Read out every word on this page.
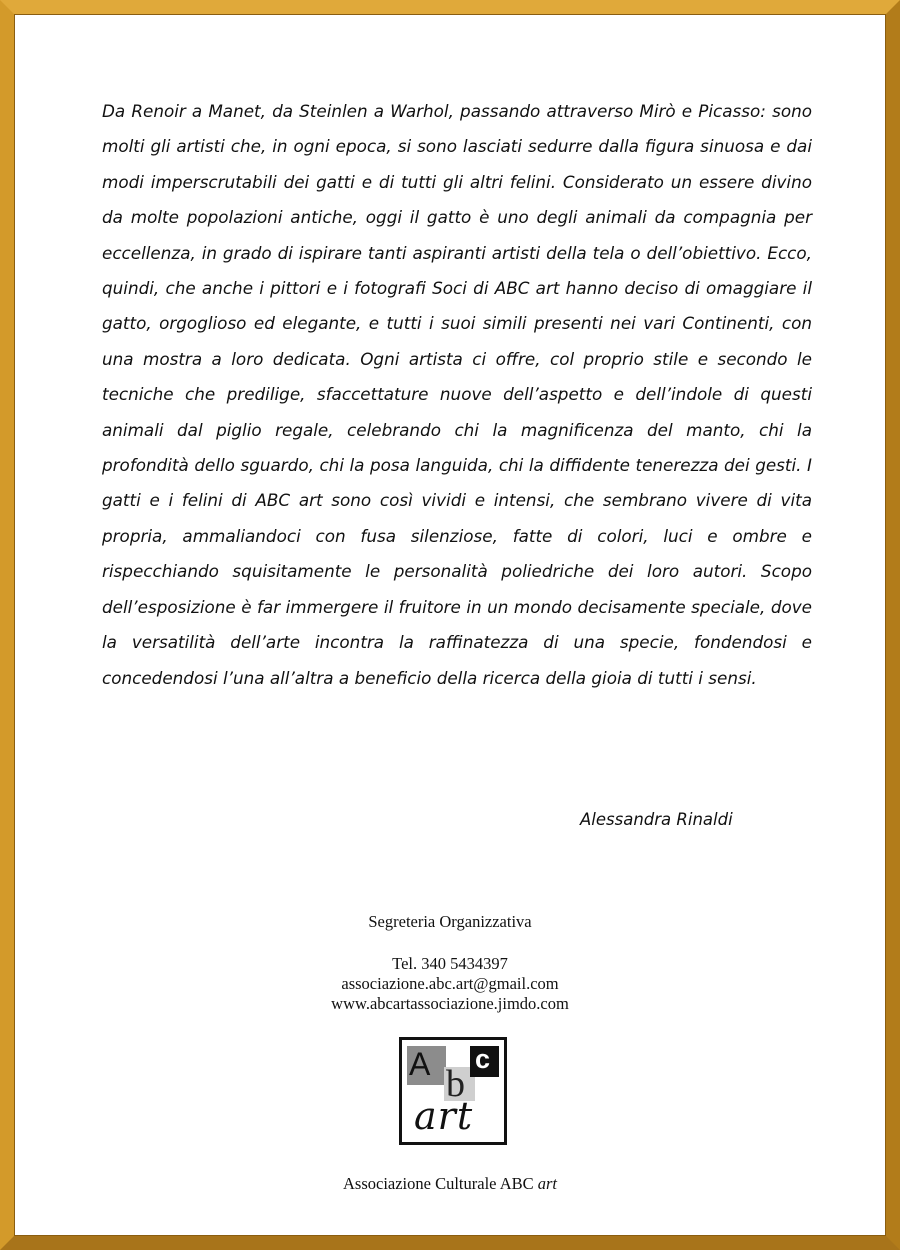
Da Renoir a Manet, da Steinlen a Warhol, passando attraverso Mirò e Picasso: sono molti gli artisti che, in ogni epoca, si sono lasciati sedurre dalla figura sinuosa e dai modi imperscrutabili dei gatti e di tutti gli altri felini. Considerato un essere divino da molte popolazioni antiche, oggi il gatto è uno degli animali da compagnia per eccellenza, in grado di ispirare tanti aspiranti artisti della tela o dell’obiettivo. Ecco, quindi, che anche i pittori e i fotografi Soci di ABC art hanno deciso di omaggiare il gatto, orgoglioso ed elegante, e tutti i suoi simili presenti nei vari Continenti, con una mostra a loro dedicata. Ogni artista ci offre, col proprio stile e secondo le tecniche che predilige, sfaccettature nuove dell’aspetto e dell’indole di questi animali dal piglio regale, celebrando chi la magnificenza del manto, chi la profondità dello sguardo, chi la posa languida, chi la diffidente tenerezza dei gesti. I gatti e i felini di ABC art sono così vividi e intensi, che sembrano vivere di vita propria, ammaliandoci con fusa silenziose, fatte di colori, luci e ombre e rispecchiando squisitamente le personalità poliedriche dei loro autori. Scopo dell’esposizione è far immergere il fruitore in un mondo decisamente speciale, dove la versatilità dell’arte incontra la raffinatezza di una specie, fondendosi e concedendosi l’una all’altra a beneficio della ricerca della gioia di tutti i sensi.

Alessandra Rinaldi
Segreteria Organizzativa
Tel. 340 5434397
associazione.abc.art@gmail.com
www.abcartassociazione.jimdo.com
A b
c
art
Associazione Culturale ABC art
